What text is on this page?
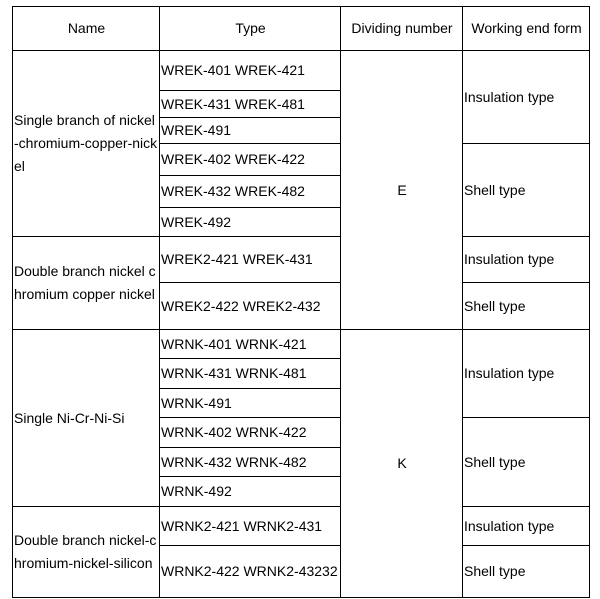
Name	Type	Dividing number	Working end form
Single branch of nickel-chromium-copper-nickel	WREK-401 WREK-421	E	Insulation type
	WREK-431 WREK-481		
	WREK-491		
	WREK-402 WREK-422		Shell type
	WREK-432 WREK-482		
	WREK-492		
Double branch nickel chromium copper nickel	WREK2-421 WREK-431		Insulation type
	WREK2-422 WREK2-432		Shell type
Single Ni-Cr-Ni-Si	WRNK-401 WRNK-421	K	Insulation type
	WRNK-431 WRNK-481		
	WRNK-491		
	WRNK-402 WRNK-422		Shell type
	WRNK-432 WRNK-482		
	WRNK-492		
Double branch nickel-chromium-nickel-silicon	WRNK2-421 WRNK2-431		Insulation type
	WRNK2-422 WRNK2-43232		Shell type
